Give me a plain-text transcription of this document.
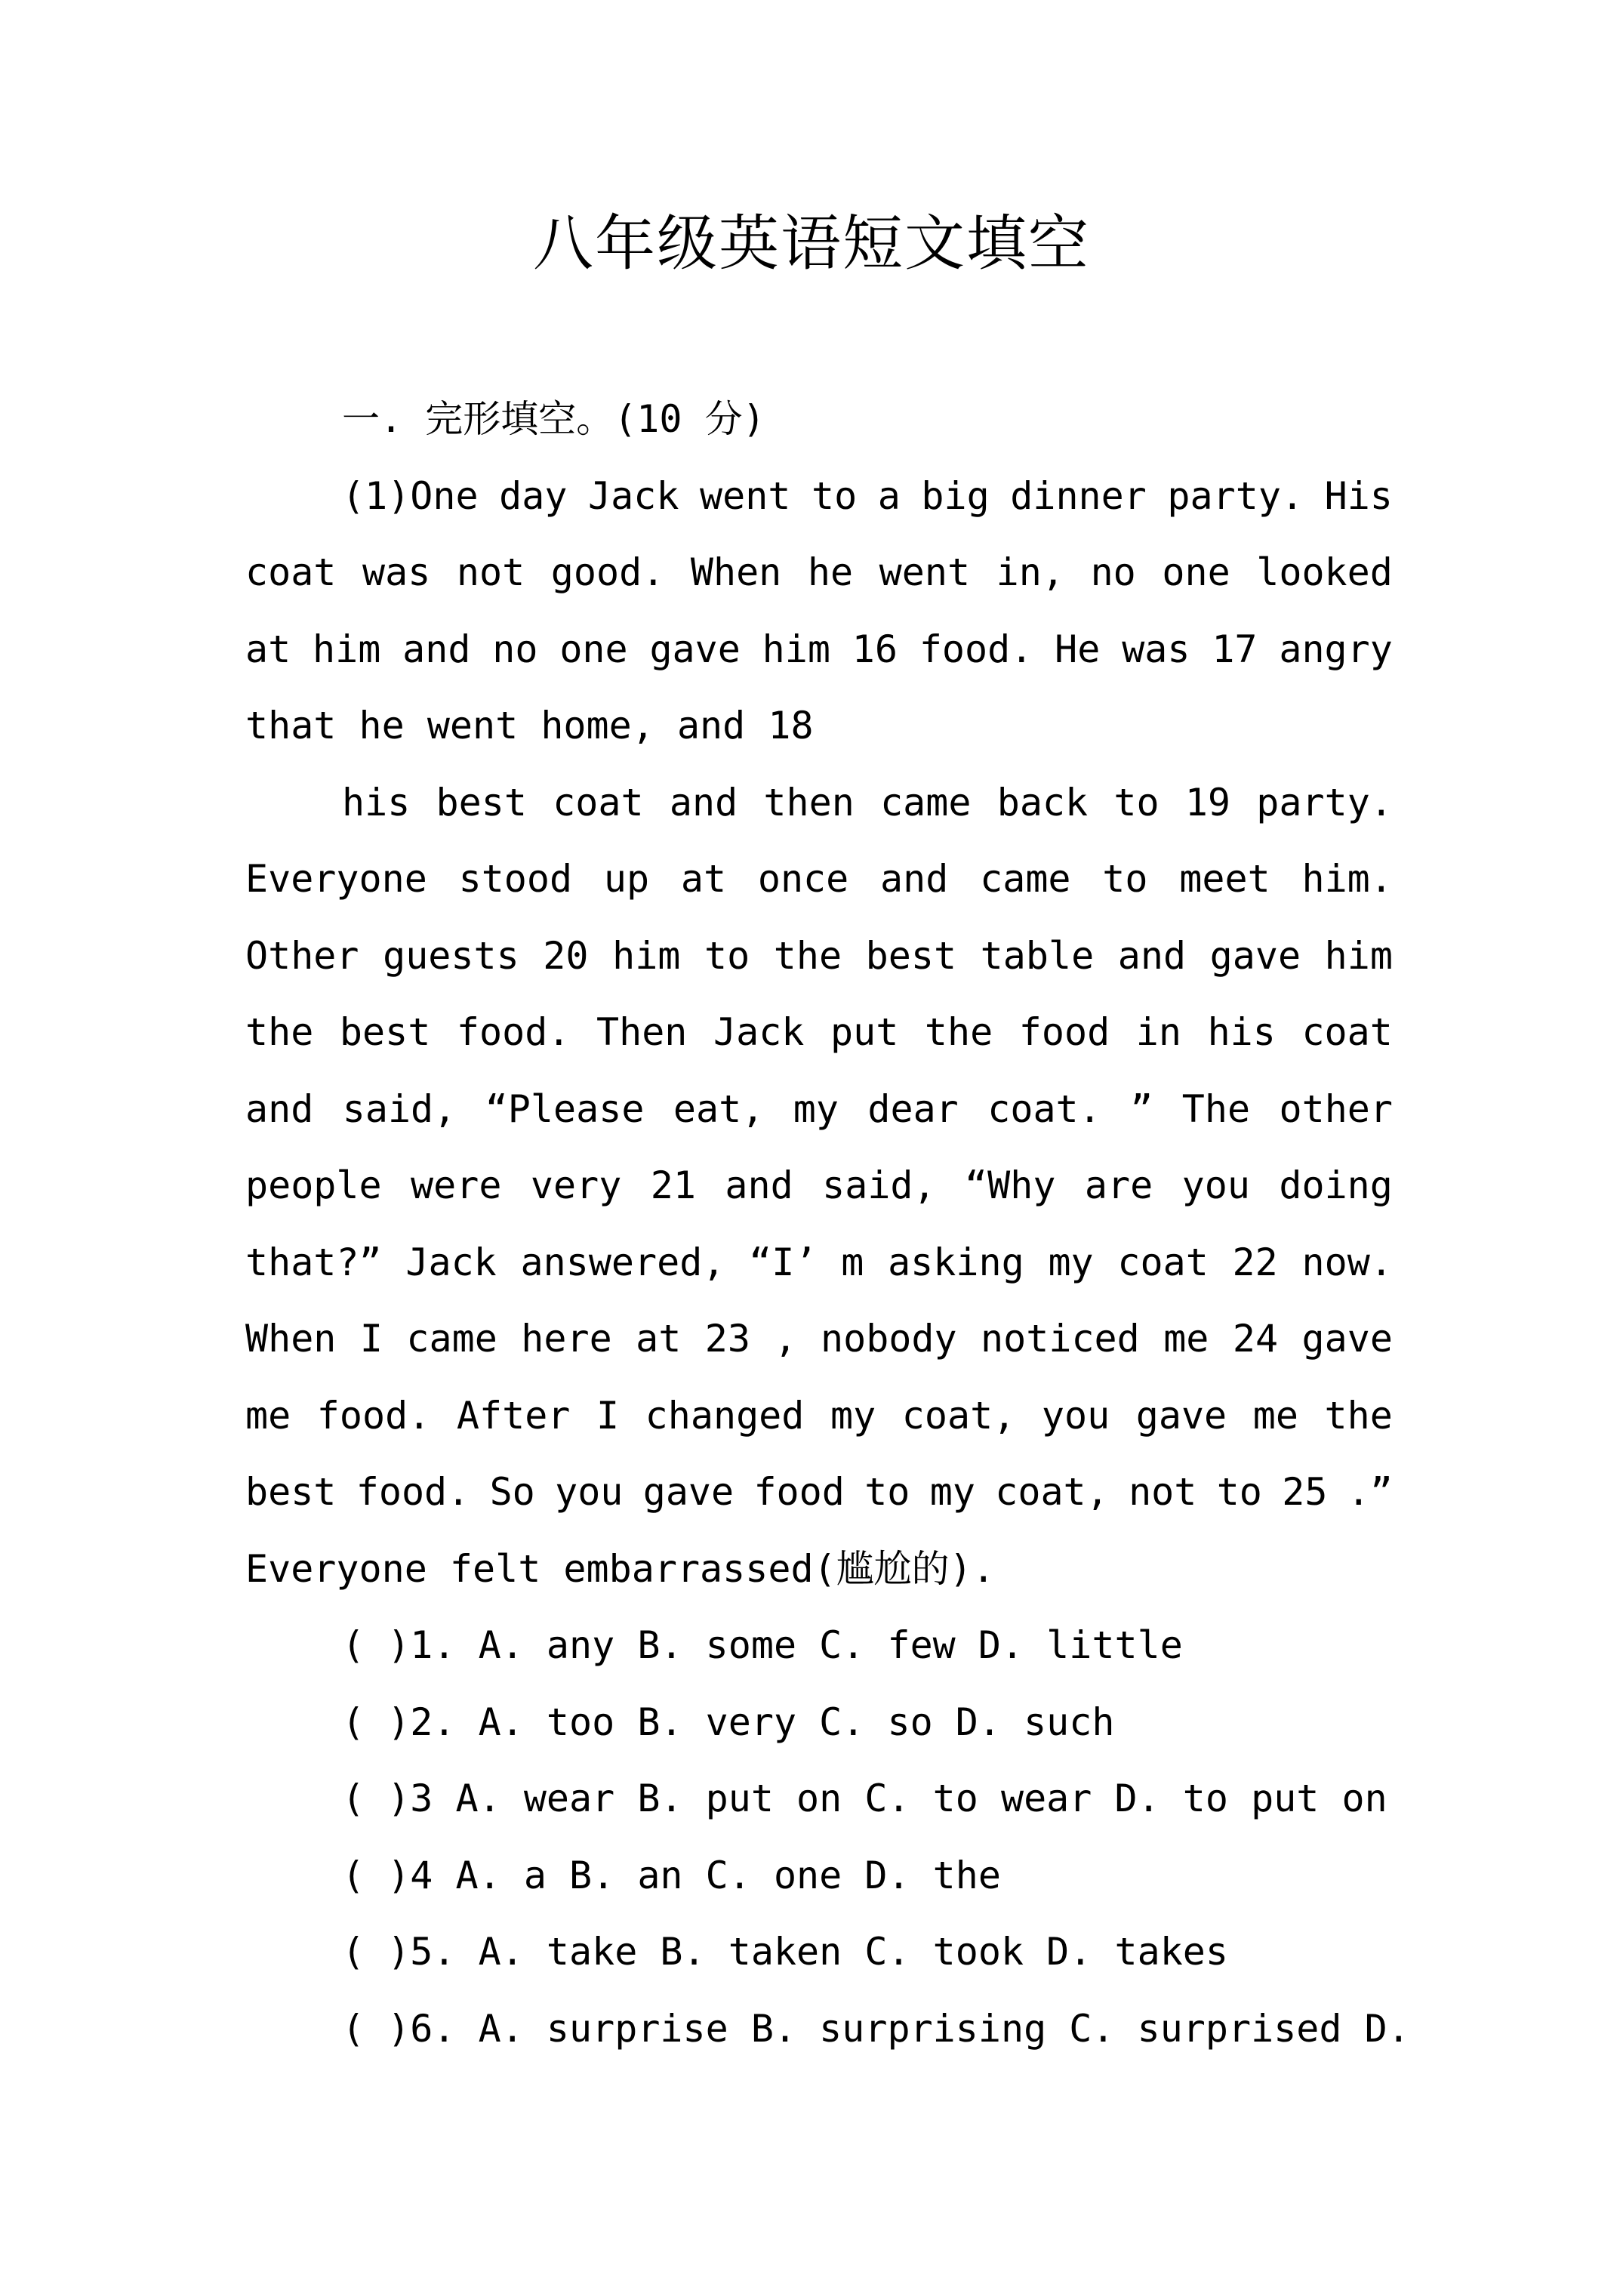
八年级英语短文填空
一. 完形填空。(10 分)
(1)One day Jack went to a big dinner party. His
coat was not good. When he went in, no one looked
at him and no one gave him 16 food. He was 17 angry
that he went home, and 18
his best coat and then came back to 19 party.
Everyone stood up at once and came to meet him.
Other guests 20 him to the best table and gave him
the best food. Then Jack put the food in his coat
and said, “Please eat, my dear coat. ” The other
people were very 21 and said, “Why are you doing
that?” Jack answered, “I’ m asking my coat 22 now.
When I came here at 23 , nobody noticed me 24 gave
me food. After I changed my coat, you gave me the
best food. So you gave food to my coat, not to 25 .”
Everyone felt embarrassed(尴尬的).
( )1. A. any B. some C. few D. little
( )2. A. too B. very C. so D. such
( )3 A. wear B. put on C. to wear D. to put on
( )4 A. a B. an C. one D. the
( )5. A. take B. taken C. took D. takes
( )6. A. surprise B. surprising C. surprised D.
